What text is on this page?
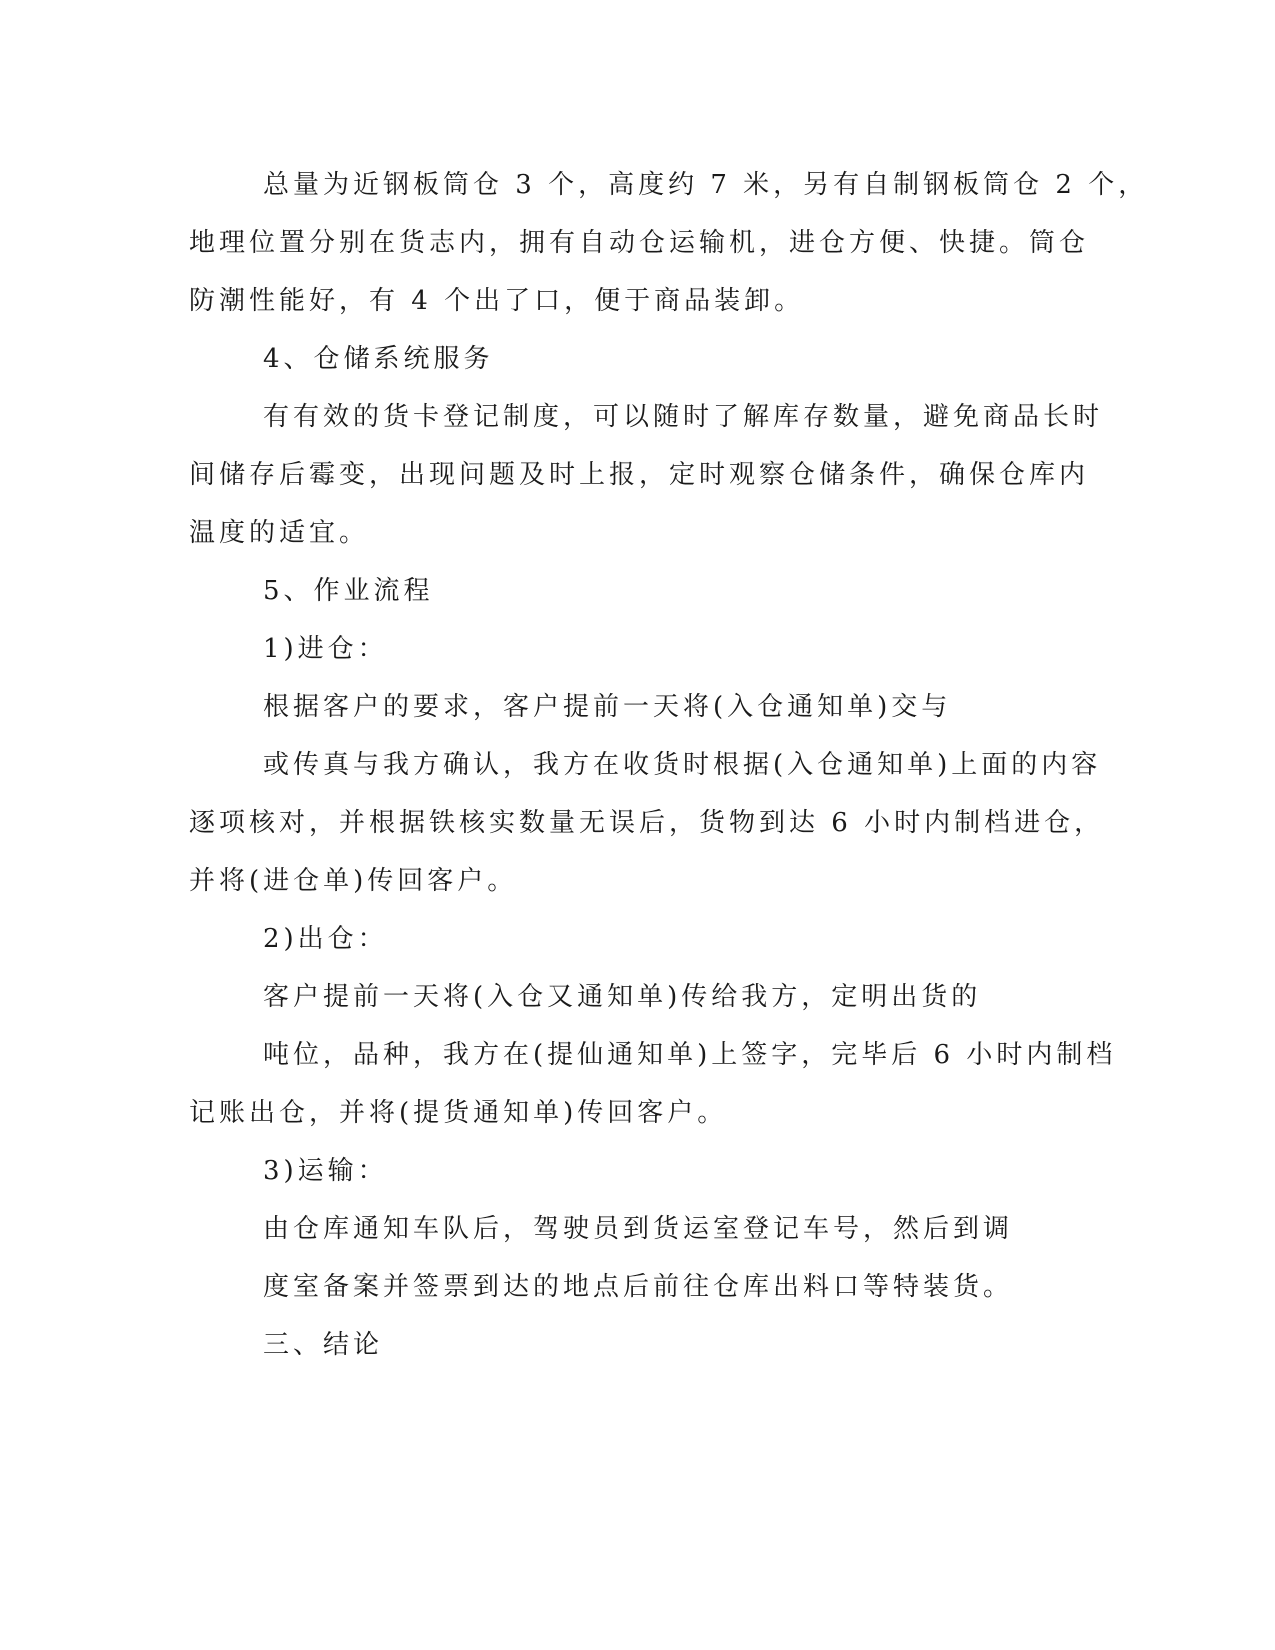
总量为近钢板筒仓 3 个，高度约 7 米，另有自制钢板筒仓 2 个，
地理位置分别在货志内，拥有自动仓运输机，进仓方便、快捷。筒仓
防潮性能好，有 4 个出了口，便于商品装卸。
4、仓储系统服务
有有效的货卡登记制度，可以随时了解库存数量，避免商品长时
间储存后霉变，出现问题及时上报，定时观察仓储条件，确保仓库内
温度的适宜。
5、作业流程
1)进仓：
根据客户的要求，客户提前一天将(入仓通知单)交与
或传真与我方确认，我方在收货时根据(入仓通知单)上面的内容
逐项核对，并根据铁核实数量无误后，货物到达 6 小时内制档进仓，
并将(进仓单)传回客户。
2)出仓：
客户提前一天将(入仓又通知单)传给我方，定明出货的
吨位，品种，我方在(提仙通知单)上签字，完毕后 6 小时内制档
记账出仓，并将(提货通知单)传回客户。
3)运输：
由仓库通知车队后，驾驶员到货运室登记车号，然后到调
度室备案并签票到达的地点后前往仓库出料口等特装货。
三、结论
